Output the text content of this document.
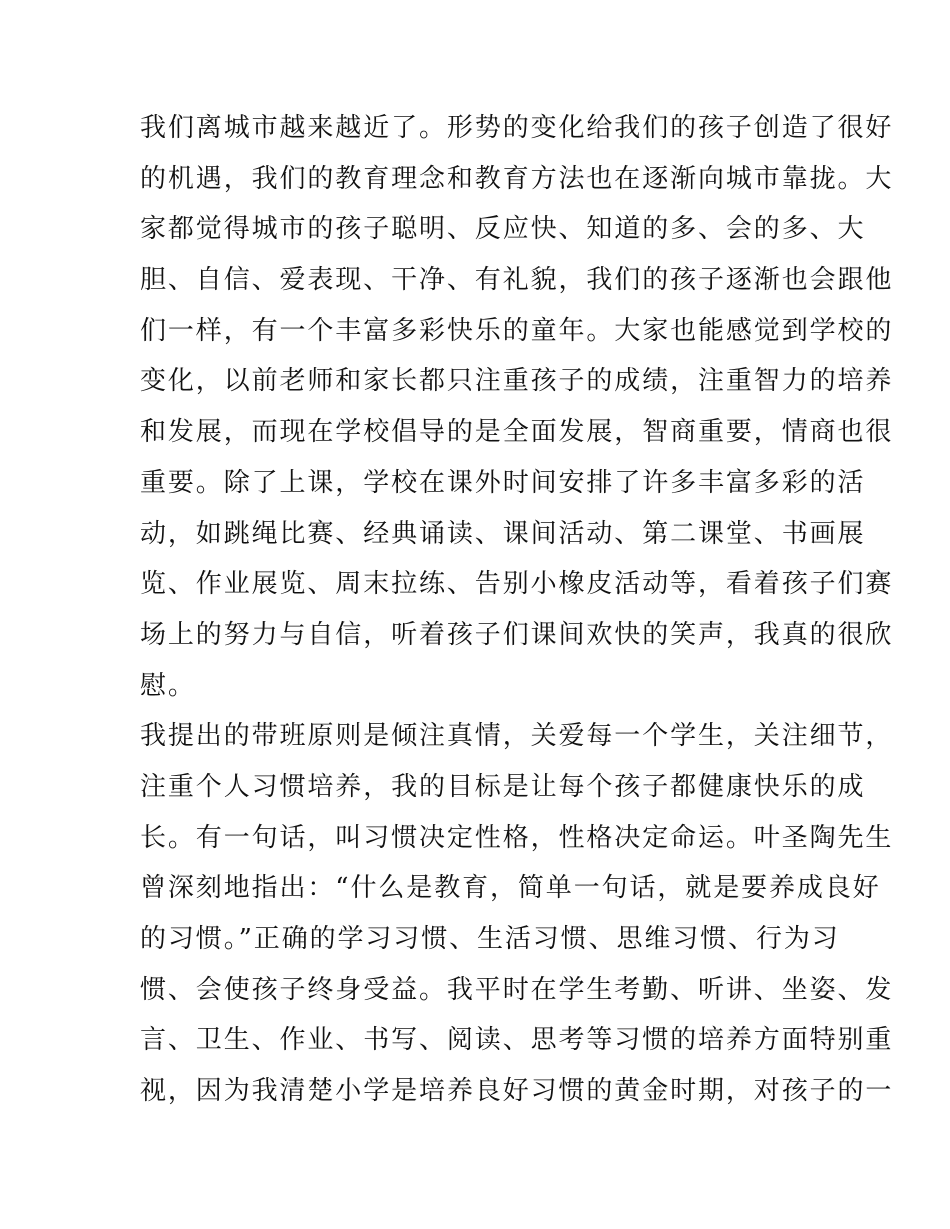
我们离城市越来越近了。形势的变化给我们的孩子创造了很好
的机遇，我们的教育理念和教育方法也在逐渐向城市靠拢。大
家都觉得城市的孩子聪明、反应快、知道的多、会的多、大
胆、自信、爱表现、干净、有礼貌，我们的孩子逐渐也会跟他
们一样，有一个丰富多彩快乐的童年。大家也能感觉到学校的
变化，以前老师和家长都只注重孩子的成绩，注重智力的培养
和发展，而现在学校倡导的是全面发展，智商重要，情商也很
重要。除了上课，学校在课外时间安排了许多丰富多彩的活
动，如跳绳比赛、经典诵读、课间活动、第二课堂、书画展
览、作业展览、周末拉练、告别小橡皮活动等，看着孩子们赛
场上的努力与自信，听着孩子们课间欢快的笑声，我真的很欣
慰。
我提出的带班原则是倾注真情，关爱每一个学生，关注细节，
注重个人习惯培养，我的目标是让每个孩子都健康快乐的成
长。有一句话，叫习惯决定性格，性格决定命运。叶圣陶先生
曾深刻地指出：“什么是教育，简单一句话，就是要养成良好
的习惯。”正确的学习习惯、生活习惯、思维习惯、行为习
惯、会使孩子终身受益。我平时在学生考勤、听讲、坐姿、发
言、卫生、作业、书写、阅读、思考等习惯的培养方面特别重
视，因为我清楚小学是培养良好习惯的黄金时期，对孩子的一
